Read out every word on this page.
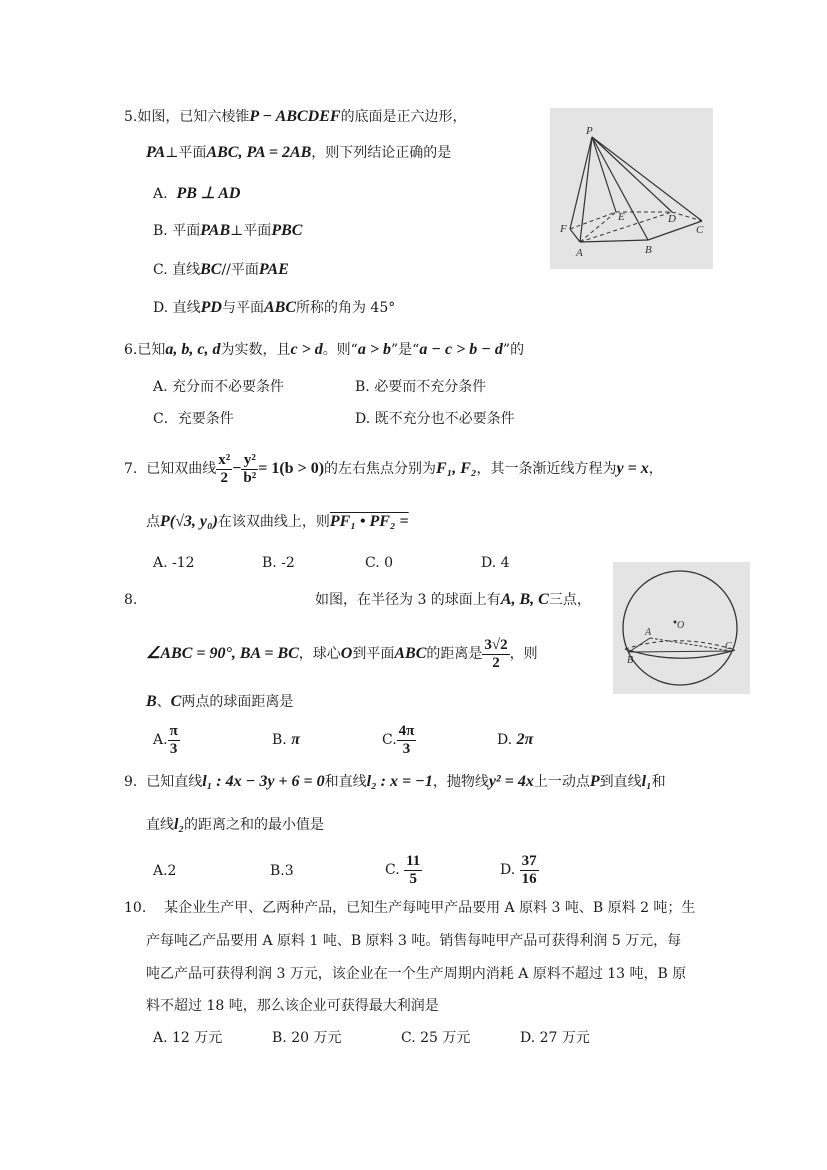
5.如图，已知六棱锥P − ABCDEF的底面是正六边形，
PA⊥平面ABC, PA = 2AB，则下列结论正确的是
A. PB ⊥ AD
B. 平面PAB⊥平面PBC
C. 直线BC//平面PAE
D. 直线PD与平面ABC所称的角为 45°
P
F
A	B
C
D
E
6.已知a, b, c, d为实数，且c > d。则“a > b”是“a − c > b − d”的
A. 充分而不必要条件	B. 必要而不充分条件
C．充要条件	D. 既不充分也不必要条件
7. 已知双曲线 $\frac{\text{x²}}{2} - \frac{\text{y²}}{\text{b²}} = 1(b > 0)$的左右焦点分别为F₁, F₂，其一条渐近线方程为y = x，
点P(√3, y₀)在该双曲线上，则PF₁ • PF₂ =
A. -12	B. -2	C. 0	D. 4
8.	如图，在半径为 3 的球面上有A, B, C三点，
∠ABC = 90°, BA = BC，球心O到平面ABC的距离是 $\frac{3√2}{2}$ ，则
B、C两点的球面距离是
A. $\frac{\pi}{3}$	B. π	C. $\frac{4\pi}{3}$	D. 2π
A
O
B
C
9. 已知直线l₁ : 4x − 3y + 6 = 0和直线l₂ : x = −1，抛物线y² = 4x上一动点P到直线l₁和
直线l₂的距离之和的最小值是
A.2	B.3	C. $\frac{11}{5}$	D. $\frac{37}{16}$
10.    某企业生产甲、乙两种产品，已知生产每吨甲产品要用 A 原料 3 吨、B 原料 2 吨；生
产每吨乙产品要用 A 原料 1 吨、B 原料 3 吨。销售每吨甲产品可获得利润 5 万元，每
吨乙产品可获得利润 3 万元，该企业在一个生产周期内消耗 A 原料不超过 13 吨，B 原
料不超过 18 吨，那么该企业可获得最大利润是
A. 12 万元	B. 20 万元	C. 25 万元	D. 27 万元
